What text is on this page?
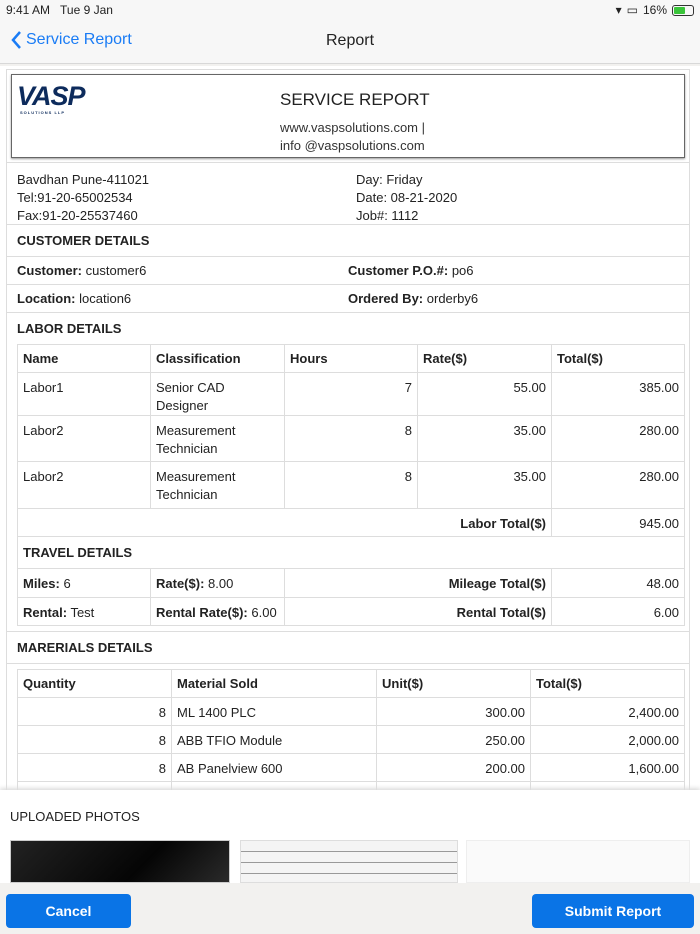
9:41 AM
Tue 9 Jan	▾ ▭ 16%
Service Report	Report
VASP
SOLUTIONS LLP
SERVICE REPORT
www.vaspsolutions.com |
info @vaspsolutions.com
Bavdhan Pune-411021
Tel:91-20-65002534
Fax:91-20-25537460
Day: Friday
Date: 08-21-2020
Job#: 1112
CUSTOMER DETAILS
Customer: customer6	Customer P.O.#: po6
Location: location6	Ordered By: orderby6
LABOR DETAILS
Name	Classification	Hours	Rate($)	Total($)
Labor1	Senior CAD Designer	7	55.00	385.00
Labor2	Measurement Technician	8	35.00	280.00
Labor2	Measurement Technician	8	35.00	280.00
Labor Total($)				945.00
TRAVEL DETAILS				
Miles: 6	Rate($): 8.00	Mileage Total($)		48.00
Rental: Test	Rental Rate($): 6.00	Rental Total($)		6.00
MARERIALS DETAILS
Quantity	Material Sold	Unit($)	Total($)
8	ML 1400 PLC	300.00	2,400.00
8	ABB TFIO Module	250.00	2,000.00
8	AB Panelview 600	200.00	1,600.00

UPLOADED PHOTOS
Cancel	Submit Report
